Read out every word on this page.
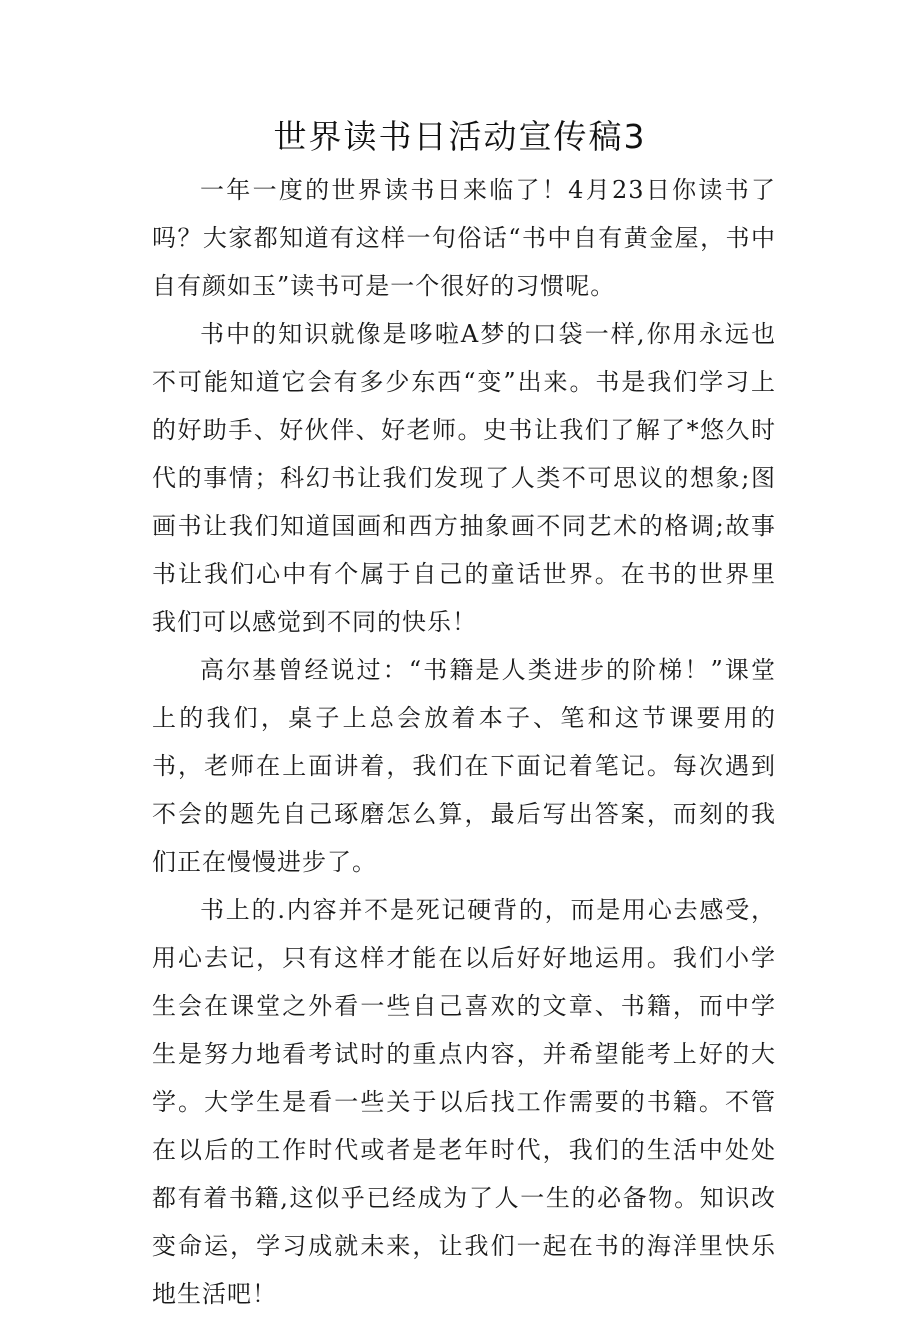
世界读书日活动宣传稿3

一年一度的世界读书日来临了！4月23日你读书了吗？大家都知道有这样一句俗话“书中自有黄金屋，书中自有颜如玉”读书可是一个很好的习惯呢。

书中的知识就像是哆啦A梦的口袋一样,你用永远也不可能知道它会有多少东西“变”出来。书是我们学习上的好助手、好伙伴、好老师。史书让我们了解了*悠久时代的事情；科幻书让我们发现了人类不可思议的想象;图画书让我们知道国画和西方抽象画不同艺术的格调;故事书让我们心中有个属于自己的童话世界。在书的世界里我们可以感觉到不同的快乐！

高尔基曾经说过：“书籍是人类进步的阶梯！”课堂上的我们，桌子上总会放着本子、笔和这节课要用的书，老师在上面讲着，我们在下面记着笔记。每次遇到不会的题先自己琢磨怎么算，最后写出答案，而刻的我们正在慢慢进步了。

书上的.内容并不是死记硬背的，而是用心去感受，用心去记，只有这样才能在以后好好地运用。我们小学生会在课堂之外看一些自己喜欢的文章、书籍，而中学生是努力地看考试时的重点内容，并希望能考上好的大学。大学生是看一些关于以后找工作需要的书籍。不管在以后的工作时代或者是老年时代，我们的生活中处处都有着书籍,这似乎已经成为了人一生的必备物。知识改变命运，学习成就未来，让我们一起在书的海洋里快乐地生活吧！
